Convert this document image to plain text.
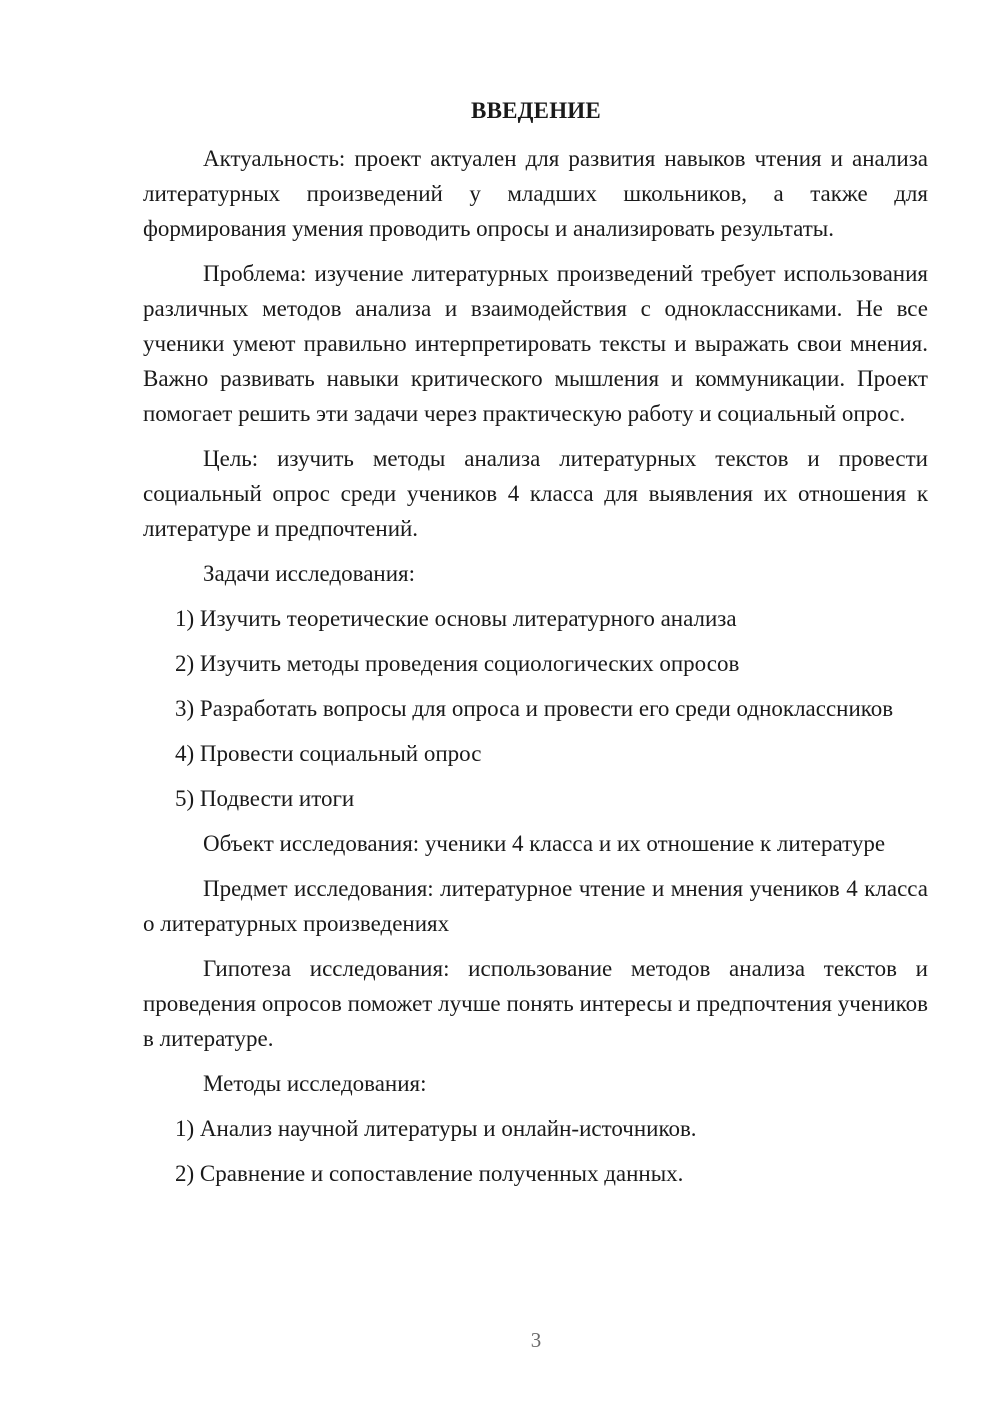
ВВЕДЕНИЕ

Актуальность: проект актуален для развития навыков чтения и анализа литературных произведений у младших школьников, а также для формирования умения проводить опросы и анализировать результаты.

Проблема: изучение литературных произведений требует использования различных методов анализа и взаимодействия с одноклассниками. Не все ученики умеют правильно интерпретировать тексты и выражать свои мнения. Важно развивать навыки критического мышления и коммуникации. Проект помогает решить эти задачи через практическую работу и социальный опрос.

Цель: изучить методы анализа литературных текстов и провести социальный опрос среди учеников 4 класса для выявления их отношения к литературе и предпочтений.

Задачи исследования:

1) Изучить теоретические основы литературного анализа

2) Изучить методы проведения социологических опросов

3) Разработать вопросы для опроса и провести его среди одноклассников

4) Провести социальный опрос

5) Подвести итоги

Объект исследования: ученики 4 класса и их отношение к литературе

Предмет исследования: литературное чтение и мнения учеников 4 класса о литературных произведениях

Гипотеза исследования: использование методов анализа текстов и проведения опросов поможет лучше понять интересы и предпочтения учеников в литературе.

Методы исследования:

1) Анализ научной литературы и онлайн-источников.

2) Сравнение и сопоставление полученных данных.

3
